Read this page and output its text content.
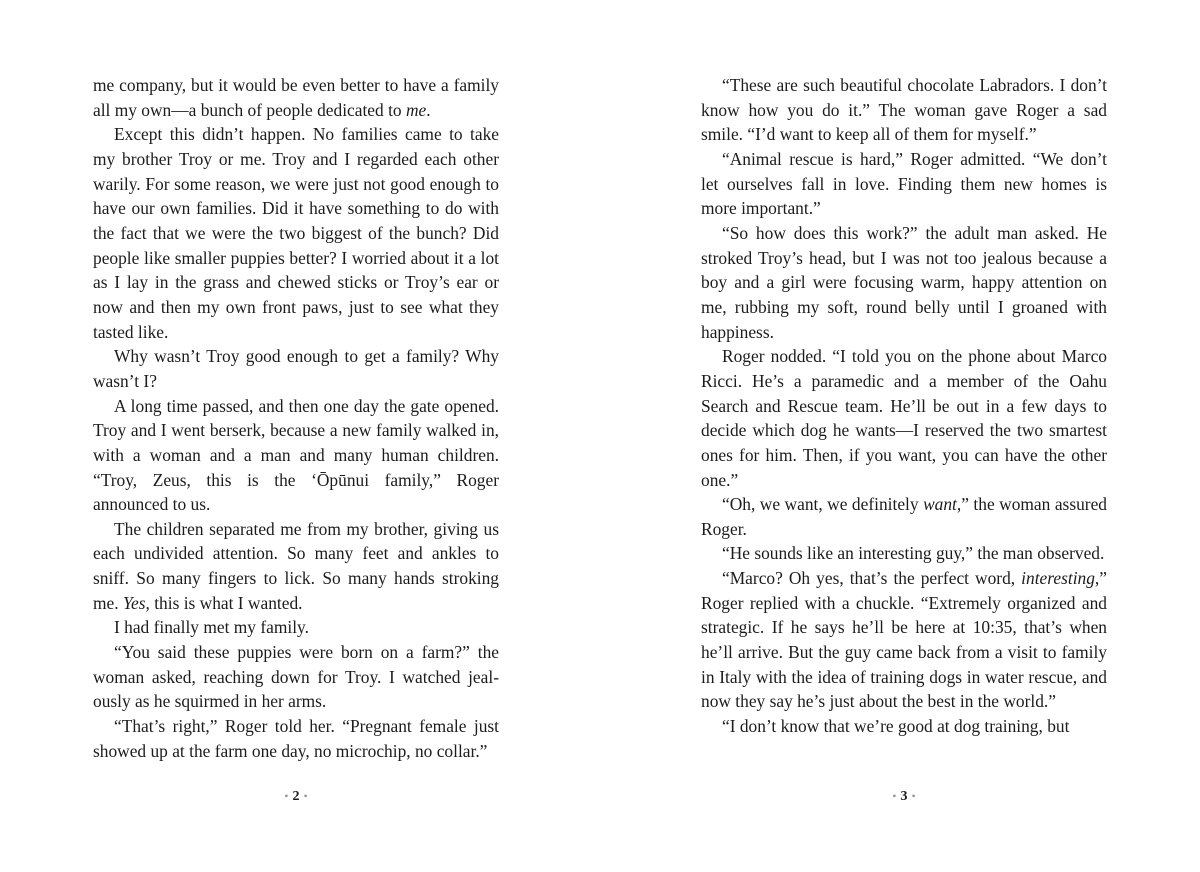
me company, but it would be even better to have a family all my own—a bunch of people dedicated to me.

Except this didn’t happen. No families came to take my brother Troy or me. Troy and I regarded each other warily. For some reason, we were just not good enough to have our own families. Did it have something to do with the fact that we were the two biggest of the bunch? Did people like smaller puppies better? I worried about it a lot as I lay in the grass and chewed sticks or Troy’s ear or now and then my own front paws, just to see what they tasted like.

Why wasn’t Troy good enough to get a family? Why wasn’t I?

A long time passed, and then one day the gate opened. Troy and I went berserk, because a new family walked in, with a woman and a man and many human children. “Troy, Zeus, this is the ‘Ōpūnui family,” Roger announced to us.

The children separated me from my brother, giving us each undivided attention. So many feet and ankles to sniff. So many fingers to lick. So many hands stroking me. Yes, this is what I wanted.

I had finally met my family.

“You said these puppies were born on a farm?” the woman asked, reaching down for Troy. I watched jealously as he squirmed in her arms.

“That’s right,” Roger told her. “Pregnant female just showed up at the farm one day, no microchip, no collar.”

“These are such beautiful chocolate Labradors. I don’t know how you do it.” The woman gave Roger a sad smile. “I’d want to keep all of them for myself.”

“Animal rescue is hard,” Roger admitted. “We don’t let ourselves fall in love. Finding them new homes is more important.”

“So how does this work?” the adult man asked. He stroked Troy’s head, but I was not too jealous because a boy and a girl were focusing warm, happy attention on me, rubbing my soft, round belly until I groaned with happiness.

Roger nodded. “I told you on the phone about Marco Ricci. He’s a paramedic and a member of the Oahu Search and Rescue team. He’ll be out in a few days to decide which dog he wants—I reserved the two smartest ones for him. Then, if you want, you can have the other one.”

“Oh, we want, we definitely want,” the woman assured Roger.

“He sounds like an interesting guy,” the man observed.

“Marco? Oh yes, that’s the perfect word, interesting,” Roger replied with a chuckle. “Extremely organized and strategic. If he says he’ll be here at 10:35, that’s when he’ll arrive. But the guy came back from a visit to family in Italy with the idea of training dogs in water rescue, and now they say he’s just about the best in the world.”

“I don’t know that we’re good at dog training, but

• 2 •	• 3 •
